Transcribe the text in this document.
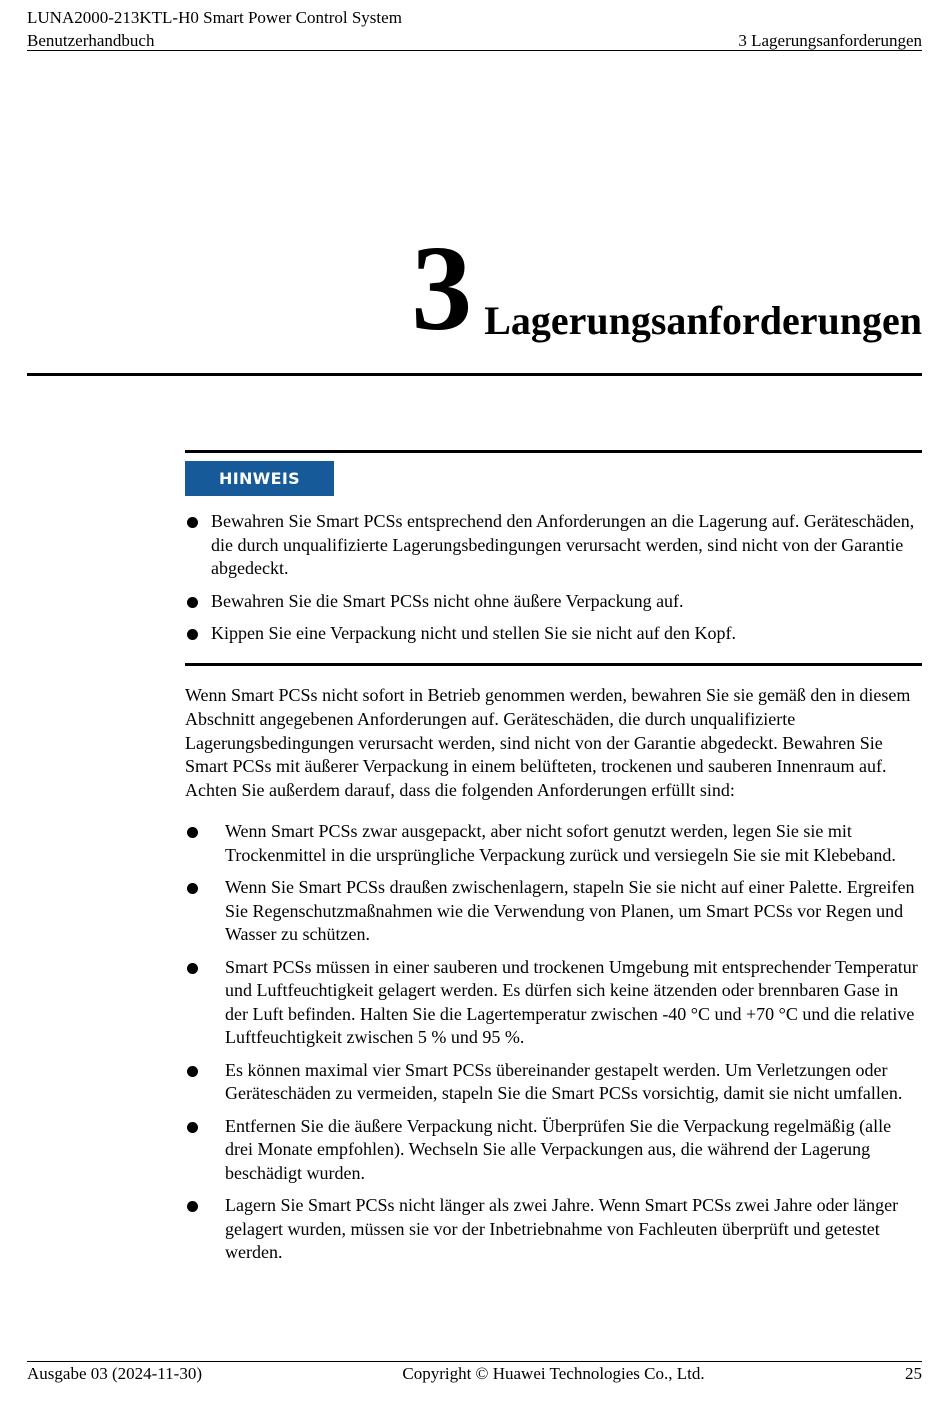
LUNA2000-213KTL-H0 Smart Power Control System
Benutzerhandbuch	3 Lagerungsanforderungen
3 Lagerungsanforderungen
HINWEIS
Bewahren Sie Smart PCSs entsprechend den Anforderungen an die Lagerung auf. Geräteschäden, die durch unqualifizierte Lagerungsbedingungen verursacht werden, sind nicht von der Garantie abgedeckt.
Bewahren Sie die Smart PCSs nicht ohne äußere Verpackung auf.
Kippen Sie eine Verpackung nicht und stellen Sie sie nicht auf den Kopf.

Wenn Smart PCSs nicht sofort in Betrieb genommen werden, bewahren Sie sie gemäß den in diesem Abschnitt angegebenen Anforderungen auf. Geräteschäden, die durch unqualifizierte Lagerungsbedingungen verursacht werden, sind nicht von der Garantie abgedeckt. Bewahren Sie Smart PCSs mit äußerer Verpackung in einem belüfteten, trockenen und sauberen Innenraum auf. Achten Sie außerdem darauf, dass die folgenden Anforderungen erfüllt sind:

Wenn Smart PCSs zwar ausgepackt, aber nicht sofort genutzt werden, legen Sie sie mit Trockenmittel in die ursprüngliche Verpackung zurück und versiegeln Sie sie mit Klebeband.
Wenn Sie Smart PCSs draußen zwischenlagern, stapeln Sie sie nicht auf einer Palette. Ergreifen Sie Regenschutzmaßnahmen wie die Verwendung von Planen, um Smart PCSs vor Regen und Wasser zu schützen.
Smart PCSs müssen in einer sauberen und trockenen Umgebung mit entsprechender Temperatur und Luftfeuchtigkeit gelagert werden. Es dürfen sich keine ätzenden oder brennbaren Gase in der Luft befinden. Halten Sie die Lagertemperatur zwischen -40 °C und +70 °C und die relative Luftfeuchtigkeit zwischen 5 % und 95 %.
Es können maximal vier Smart PCSs übereinander gestapelt werden. Um Verletzungen oder Geräteschäden zu vermeiden, stapeln Sie die Smart PCSs vorsichtig, damit sie nicht umfallen.
Entfernen Sie die äußere Verpackung nicht. Überprüfen Sie die Verpackung regelmäßig (alle drei Monate empfohlen). Wechseln Sie alle Verpackungen aus, die während der Lagerung beschädigt wurden.
Lagern Sie Smart PCSs nicht länger als zwei Jahre. Wenn Smart PCSs zwei Jahre oder länger gelagert wurden, müssen sie vor der Inbetriebnahme von Fachleuten überprüft und getestet werden.
Ausgabe 03 (2024-11-30)	Copyright © Huawei Technologies Co., Ltd.	25
